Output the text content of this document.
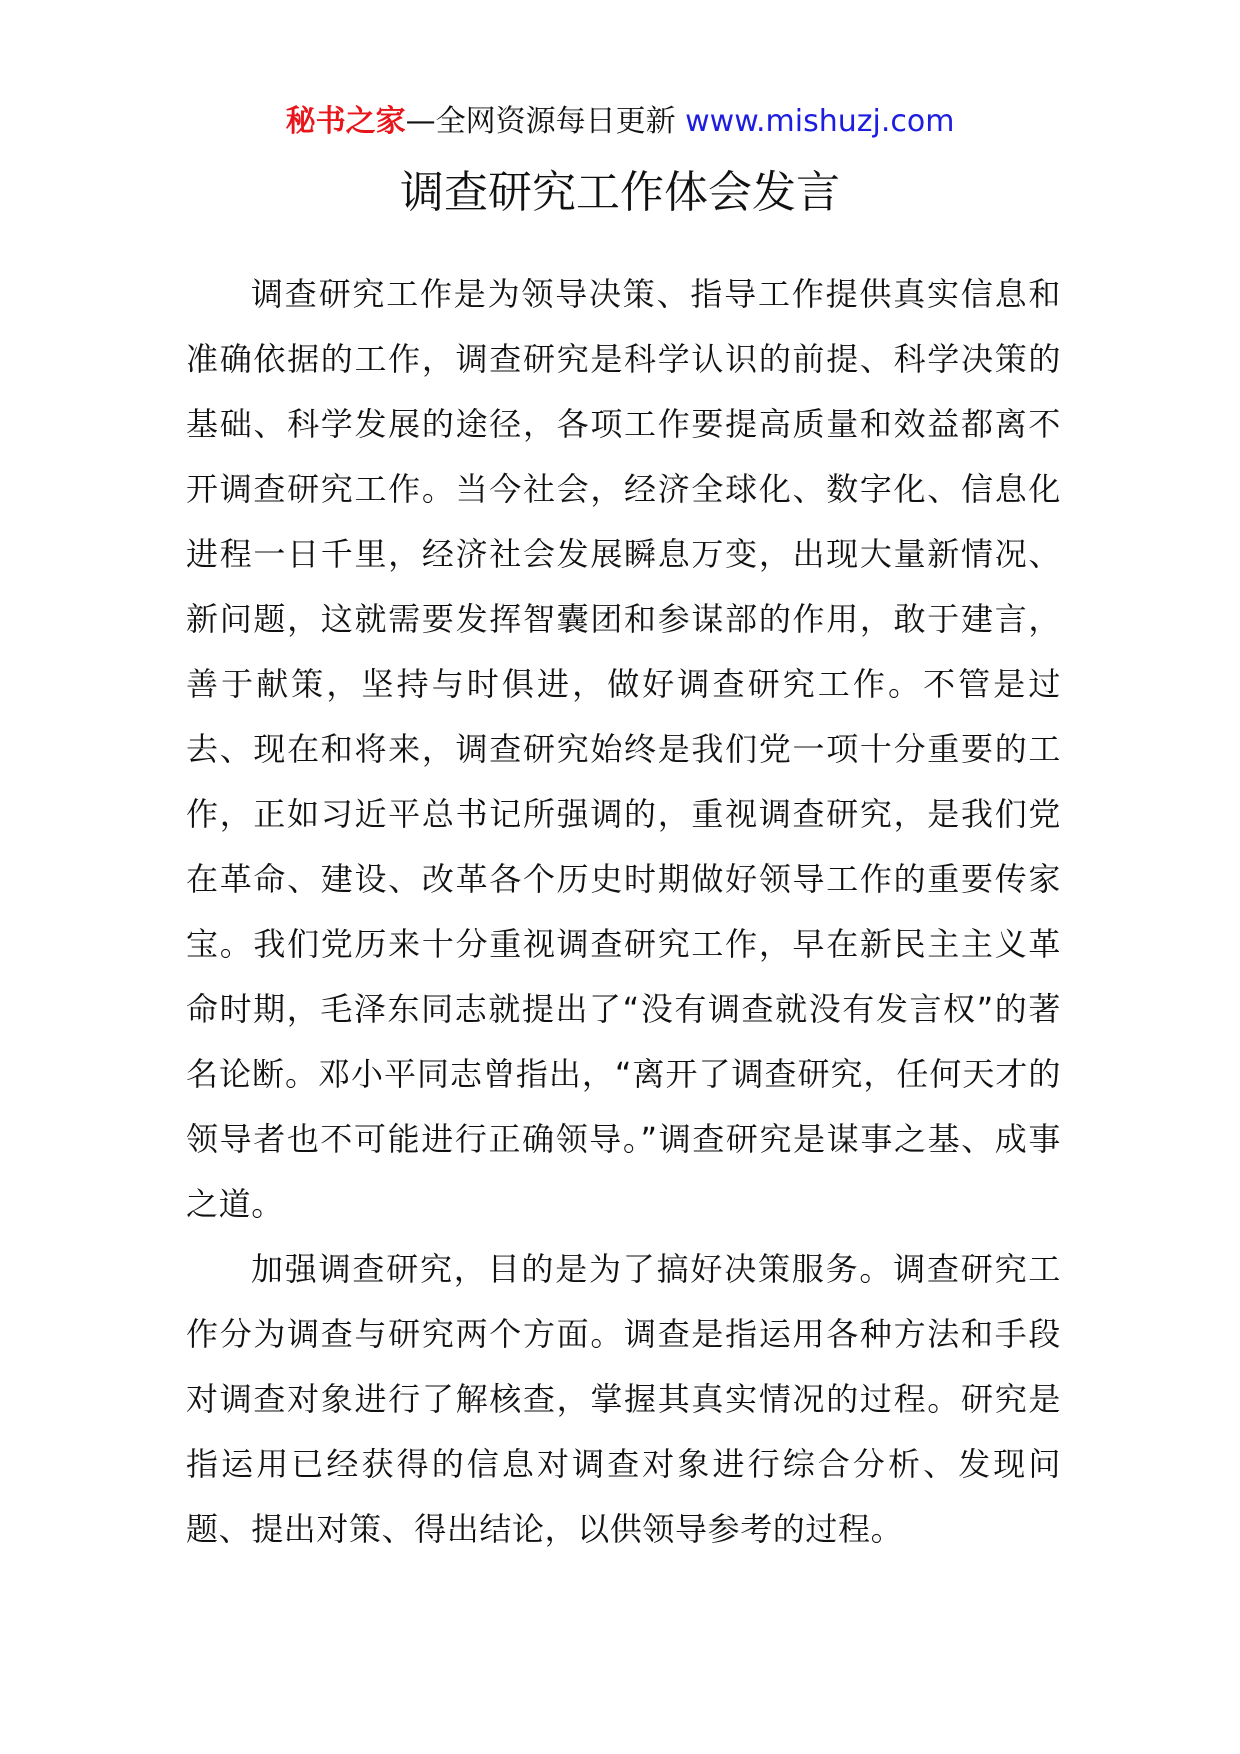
秘书之家—全网资源每日更新 www.mishuzj.com
调查研究工作体会发言

调查研究工作是为领导决策、指导工作提供真实信息和准确依据的工作，调查研究是科学认识的前提、科学决策的基础、科学发展的途径，各项工作要提高质量和效益都离不开调查研究工作。当今社会，经济全球化、数字化、信息化进程一日千里，经济社会发展瞬息万变，出现大量新情况、新问题，这就需要发挥智囊团和参谋部的作用，敢于建言，善于献策，坚持与时俱进，做好调查研究工作。不管是过去、现在和将来，调查研究始终是我们党一项十分重要的工作，正如习近平总书记所强调的，重视调查研究，是我们党在革命、建设、改革各个历史时期做好领导工作的重要传家宝。我们党历来十分重视调查研究工作，早在新民主主义革命时期，毛泽东同志就提出了“没有调查就没有发言权”的著名论断。邓小平同志曾指出，“离开了调查研究，任何天才的领导者也不可能进行正确领导。”调查研究是谋事之基、成事之道。

加强调查研究，目的是为了搞好决策服务。调查研究工作分为调查与研究两个方面。调查是指运用各种方法和手段对调查对象进行了解核查，掌握其真实情况的过程。研究是指运用已经获得的信息对调查对象进行综合分析、发现问题、提出对策、得出结论，以供领导参考的过程。
